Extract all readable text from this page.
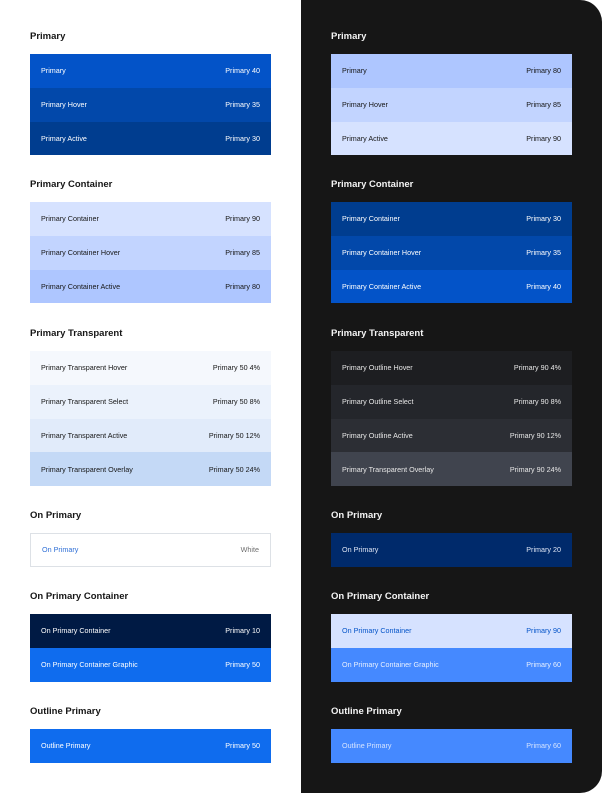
Primary
Primary	Primary 40
Primary Hover	Primary 35
Primary Active	Primary 30
Primary Container
Primary Container	Primary 90
Primary Container Hover	Primary 85
Primary Container Active	Primary 80
Primary Transparent
Primary Transparent Hover	Primary 50 4%
Primary Transparent Select	Primary 50 8%
Primary Transparent Active	Primary 50 12%
Primary Transparent Overlay	Primary 50 24%
On Primary
On Primary	White
On Primary Container
On Primary Container	Primary 10
On Primary Container Graphic	Primary 50
Outline Primary
Outline Primary	Primary 50
Primary
Primary	Primary 80
Primary Hover	Primary 85
Primary Active	Primary 90
Primary Container
Primary Container	Primary 30
Primary Container Hover	Primary 35
Primary Container Active	Primary 40
Primary Transparent
Primary Outline Hover	Primary 90 4%
Primary Outline Select	Primary 90 8%
Primary Outline Active	Primary 90 12%
Primary Transparent Overlay	Primary 90 24%
On Primary
On Primary	Primary 20
On Primary Container
On Primary Container	Primary 90
On Primary Container Graphic	Primary 60
Outline Primary
Outline Primary	Primary 60
